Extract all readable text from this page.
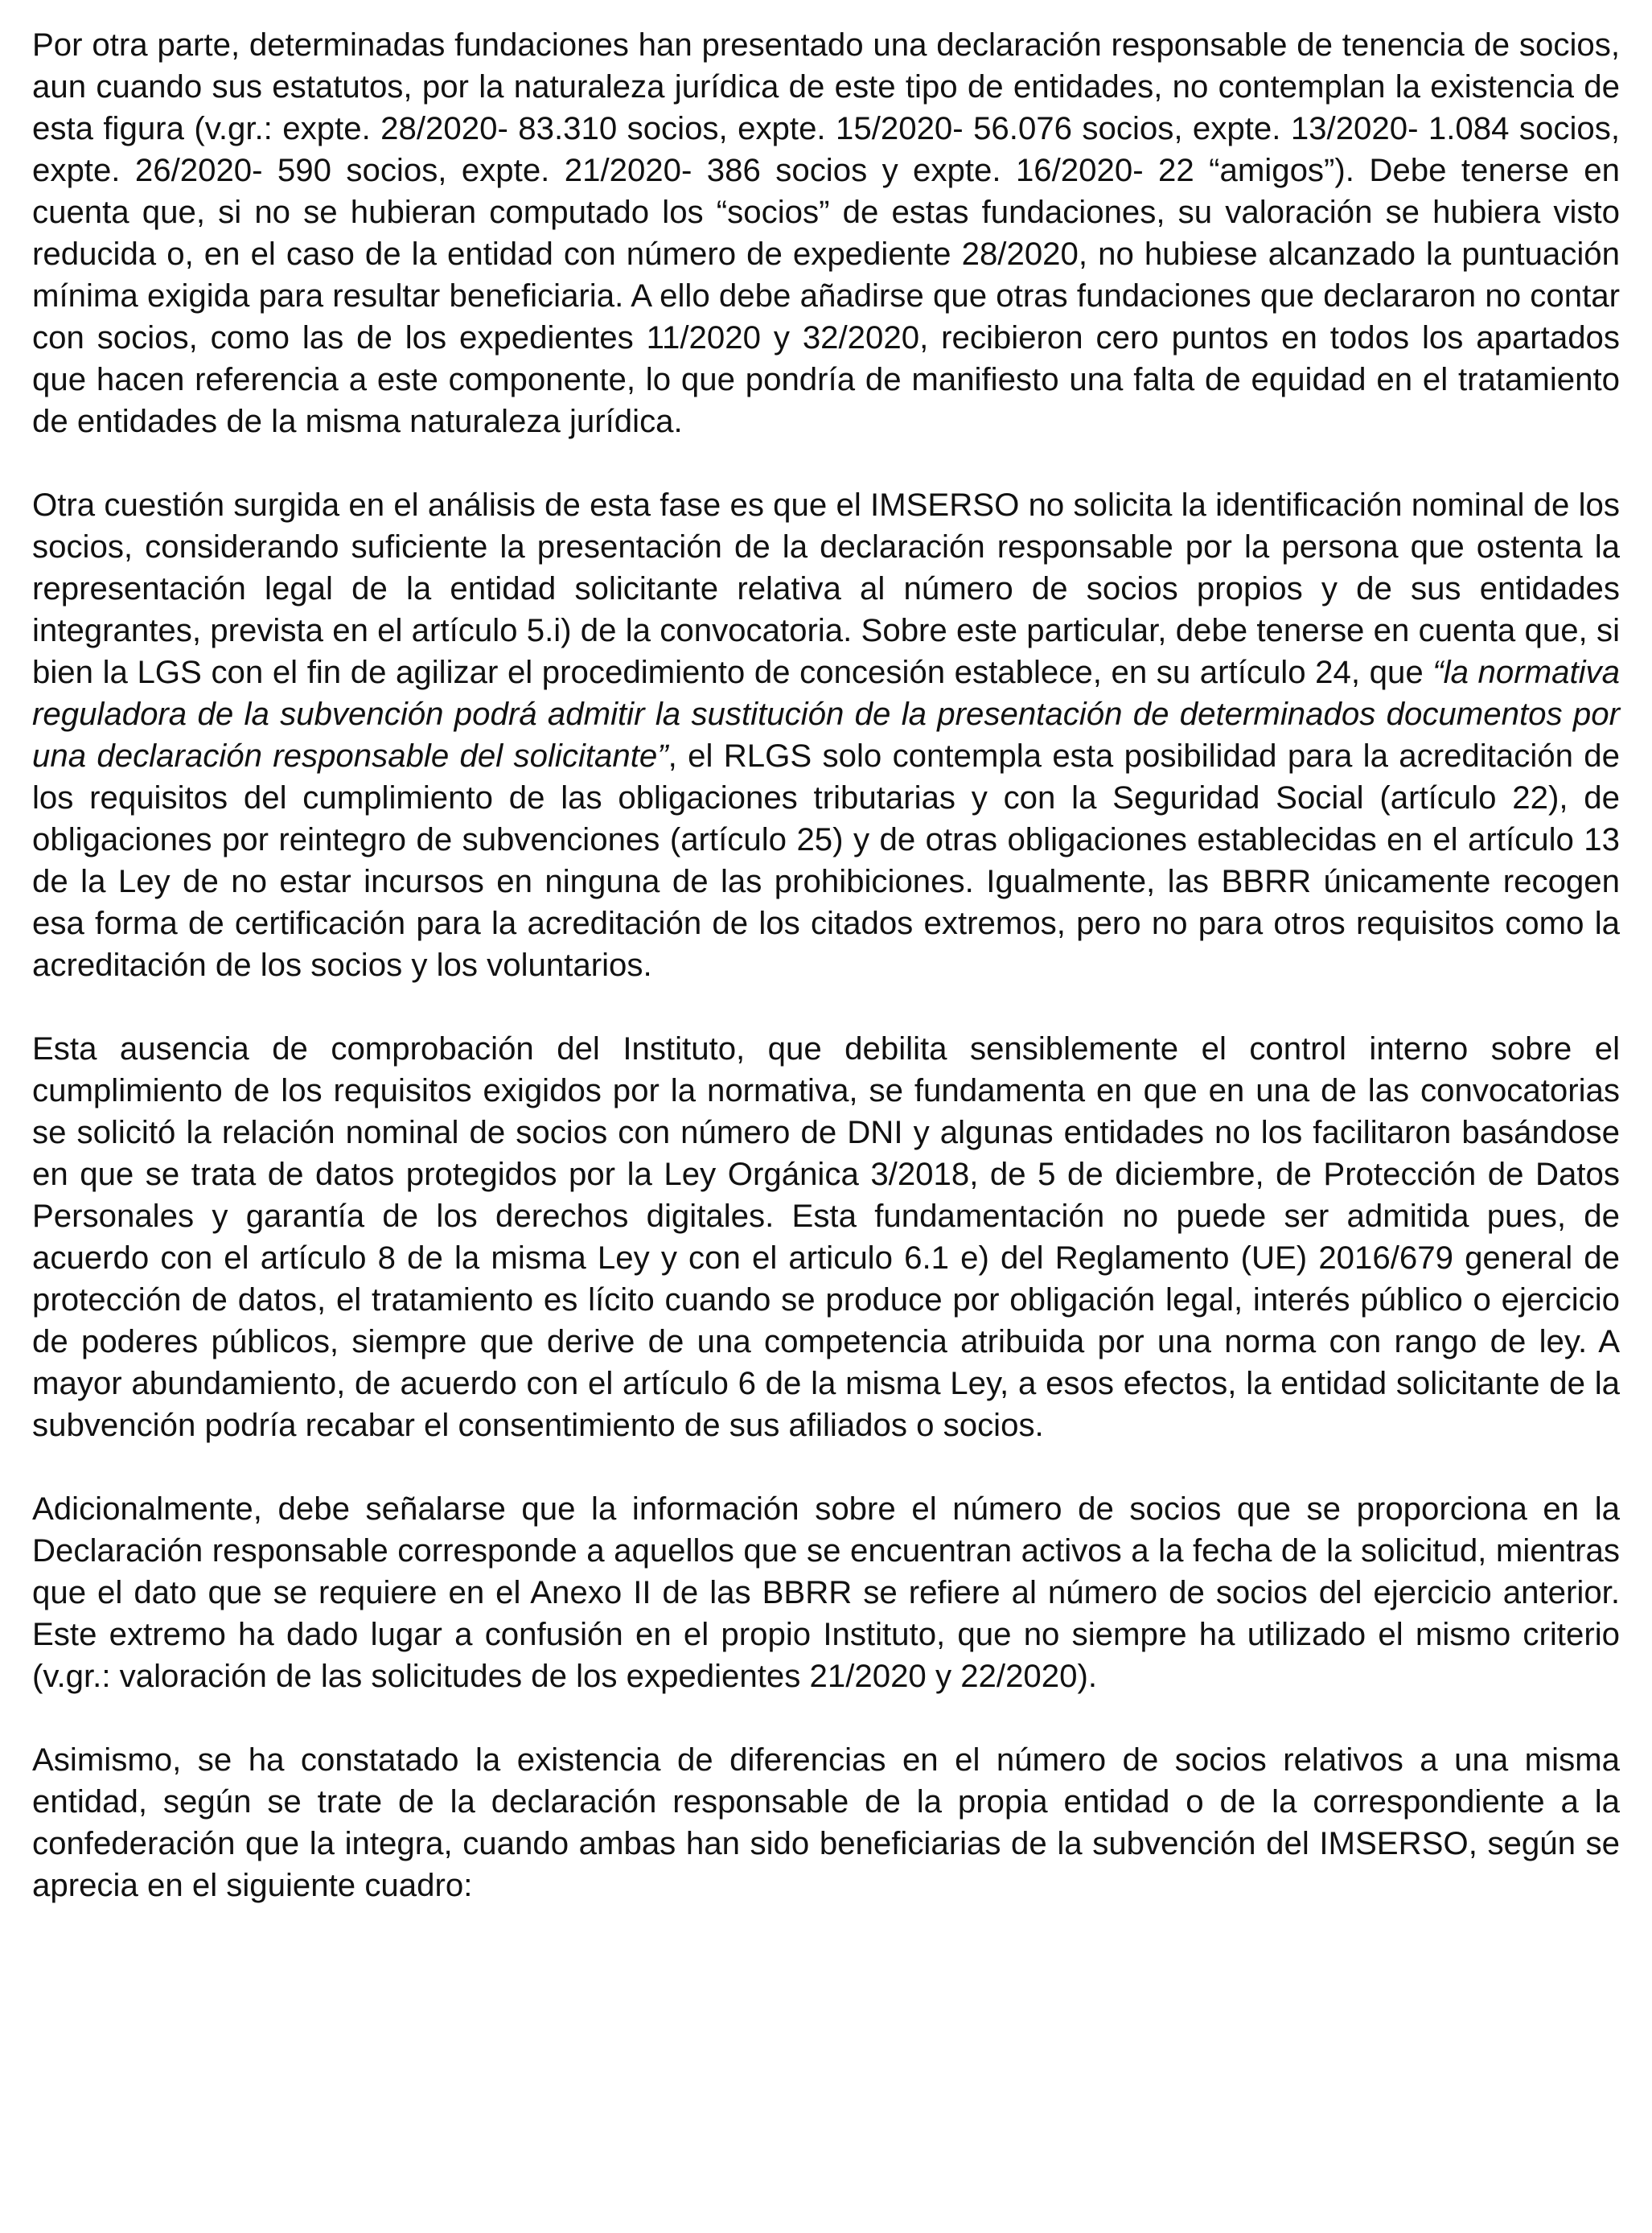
Por otra parte, determinadas fundaciones han presentado una declaración responsable de tenencia de socios, aun cuando sus estatutos, por la naturaleza jurídica de este tipo de entidades, no contemplan la existencia de esta figura (v.gr.: expte. 28/2020- 83.310 socios, expte. 15/2020- 56.076 socios, expte. 13/2020- 1.084 socios, expte. 26/2020- 590 socios, expte. 21/2020- 386 socios y expte. 16/2020- 22 “amigos”). Debe tenerse en cuenta que, si no se hubieran computado los “socios” de estas fundaciones, su valoración se hubiera visto reducida o, en el caso de la entidad con número de expediente 28/2020, no hubiese alcanzado la puntuación mínima exigida para resultar beneficiaria. A ello debe añadirse que otras fundaciones que declararon no contar con socios, como las de los expedientes 11/2020 y 32/2020, recibieron cero puntos en todos los apartados que hacen referencia a este componente, lo que pondría de manifiesto una falta de equidad en el tratamiento de entidades de la misma naturaleza jurídica.

Otra cuestión surgida en el análisis de esta fase es que el IMSERSO no solicita la identificación nominal de los socios, considerando suficiente la presentación de la declaración responsable por la persona que ostenta la representación legal de la entidad solicitante relativa al número de socios propios y de sus entidades integrantes, prevista en el artículo 5.i) de la convocatoria. Sobre este particular, debe tenerse en cuenta que, si bien la LGS con el fin de agilizar el procedimiento de concesión establece, en su artículo 24, que “la normativa reguladora de la subvención podrá admitir la sustitución de la presentación de determinados documentos por una declaración responsable del solicitante”, el RLGS solo contempla esta posibilidad para la acreditación de los requisitos del cumplimiento de las obligaciones tributarias y con la Seguridad Social (artículo 22), de obligaciones por reintegro de subvenciones (artículo 25) y de otras obligaciones establecidas en el artículo 13 de la Ley de no estar incursos en ninguna de las prohibiciones. Igualmente, las BBRR únicamente recogen esa forma de certificación para la acreditación de los citados extremos, pero no para otros requisitos como la acreditación de los socios y los voluntarios.

Esta ausencia de comprobación del Instituto, que debilita sensiblemente el control interno sobre el cumplimiento de los requisitos exigidos por la normativa, se fundamenta en que en una de las convocatorias se solicitó la relación nominal de socios con número de DNI y algunas entidades no los facilitaron basándose en que se trata de datos protegidos por la Ley Orgánica 3/2018, de 5 de diciembre, de Protección de Datos Personales y garantía de los derechos digitales. Esta fundamentación no puede ser admitida pues, de acuerdo con el artículo 8 de la misma Ley y con el articulo 6.1 e) del Reglamento (UE) 2016/679 general de protección de datos, el tratamiento es lícito cuando se produce por obligación legal, interés público o ejercicio de poderes públicos, siempre que derive de una competencia atribuida por una norma con rango de ley. A mayor abundamiento, de acuerdo con el artículo 6 de la misma Ley, a esos efectos, la entidad solicitante de la subvención podría recabar el consentimiento de sus afiliados o socios.

Adicionalmente, debe señalarse que la información sobre el número de socios que se proporciona en la Declaración responsable corresponde a aquellos que se encuentran activos a la fecha de la solicitud, mientras que el dato que se requiere en el Anexo II de las BBRR se refiere al número de socios del ejercicio anterior. Este extremo ha dado lugar a confusión en el propio Instituto, que no siempre ha utilizado el mismo criterio (v.gr.: valoración de las solicitudes de los expedientes 21/2020 y 22/2020).

Asimismo, se ha constatado la existencia de diferencias en el número de socios relativos a una misma entidad, según se trate de la declaración responsable de la propia entidad o de la correspondiente a la confederación que la integra, cuando ambas han sido beneficiarias de la subvención del IMSERSO, según se aprecia en el siguiente cuadro:
